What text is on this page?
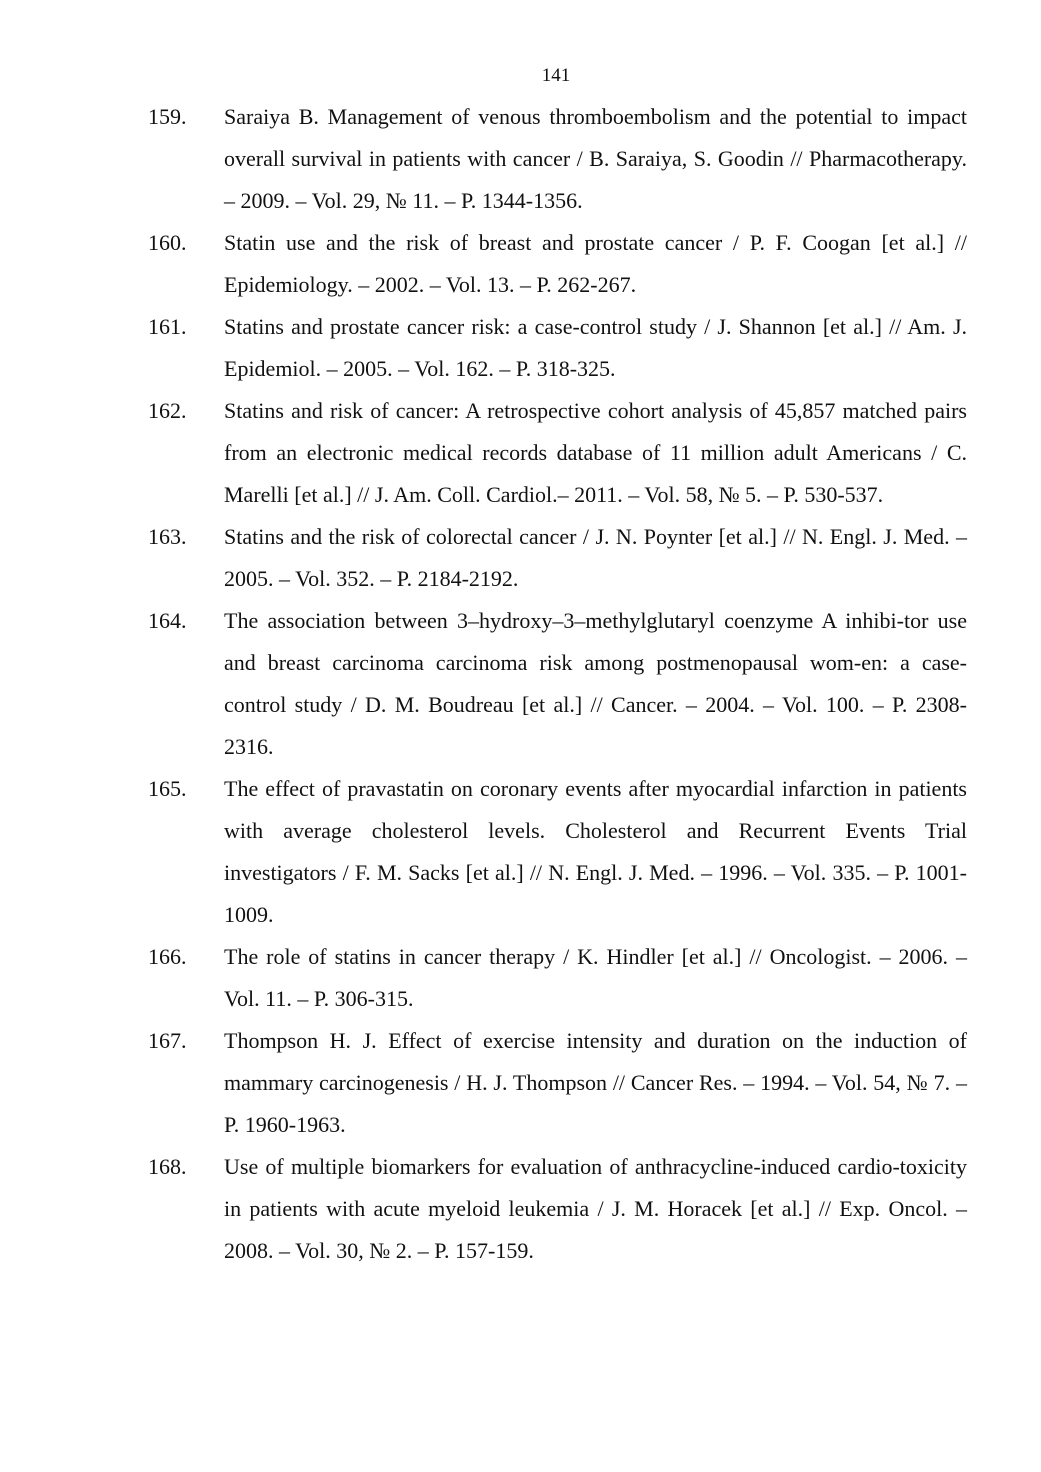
141
159. Saraiya B. Management of venous thromboembolism and the potential to impact overall survival in patients with cancer / B. Saraiya, S. Goodin // Pharmacotherapy. – 2009. – Vol. 29, № 11. – P. 1344-1356.
160. Statin use and the risk of breast and prostate cancer / P. F. Coogan [et al.] // Epidemiology. – 2002. – Vol. 13. – P. 262-267.
161. Statins and prostate cancer risk: a case-control study / J. Shannon [et al.] // Am. J. Epidemiol. – 2005. – Vol. 162. – P. 318-325.
162. Statins and risk of cancer: A retrospective cohort analysis of 45,857 matched pairs from an electronic medical records database of 11 million adult Americans / C. Marelli [et al.] // J. Am. Coll. Cardiol.– 2011. – Vol. 58, № 5. – P. 530-537.
163. Statins and the risk of colorectal cancer / J. N. Poynter [et al.] // N. Engl. J. Med. – 2005. – Vol. 352. – P. 2184-2192.
164. The association between 3–hydroxy–3–methylglutaryl coenzyme A inhibi-tor use and breast carcinoma carcinoma risk among postmenopausal wom-en: a case-control study / D. M. Boudreau [et al.] // Cancer. – 2004. – Vol. 100. – P. 2308-2316.
165. The effect of pravastatin on coronary events after myocardial infarction in patients with average cholesterol levels. Cholesterol and Recurrent Events Trial investigators / F. M. Sacks [et al.] // N. Engl. J. Med. – 1996. – Vol. 335. – P. 1001-1009.
166. The role of statins in cancer therapy / K. Hindler [et al.] // Oncologist. – 2006. – Vol. 11. – P. 306-315.
167. Thompson H. J. Effect of exercise intensity and duration on the induction of mammary carcinogenesis / H. J. Thompson // Cancer Res. – 1994. – Vol. 54, № 7. – P. 1960-1963.
168. Use of multiple biomarkers for evaluation of anthracycline-induced cardio-toxicity in patients with acute myeloid leukemia / J. M. Horacek [et al.] // Exp. Oncol. – 2008. – Vol. 30, № 2. – P. 157-159.
